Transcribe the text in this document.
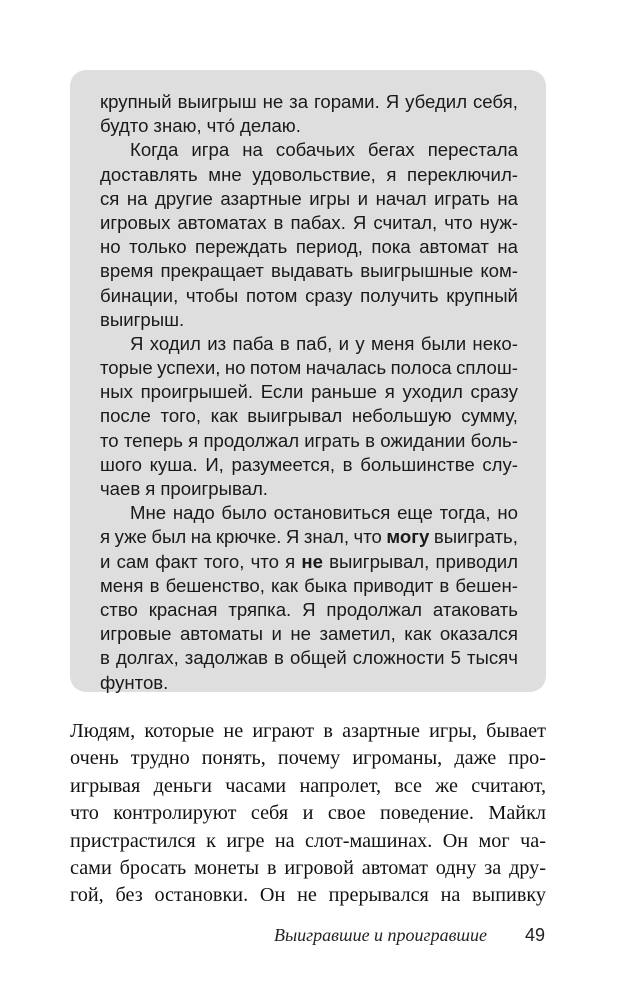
крупный выигрыш не за горами. Я убедил себя,
будто знаю, что́ делаю.
Когда игра на собачьих бегах перестала
доставлять мне удовольствие, я переключил-
ся на другие азартные игры и начал играть на
игровых автоматах в пабах. Я считал, что нуж-
но только переждать период, пока автомат на
время прекращает выдавать выигрышные ком-
бинации, чтобы потом сразу получить крупный
выигрыш.
Я ходил из паба в паб, и у меня были неко-
торые успехи, но потом началась полоса сплош-
ных проигрышей. Если раньше я уходил сразу
после того, как выигрывал небольшую сумму,
то теперь я продолжал играть в ожидании боль-
шого куша. И, разумеется, в большинстве слу-
чаев я проигрывал.
Мне надо было остановиться еще тогда, но
я уже был на крючке. Я знал, что могу выиграть,
и сам факт того, что я не выигрывал, приводил
меня в бешенство, как быка приводит в бешен-
ство красная тряпка. Я продолжал атаковать
игровые автоматы и не заметил, как оказался
в долгах, задолжав в общей сложности 5 тысяч
фунтов.
Людям, которые не играют в азартные игры, бывает
очень трудно понять, почему игроманы, даже про-
игрывая деньги часами напролет, все же считают,
что контролируют себя и свое поведение. Майкл
пристрастился к игре на слот-машинах. Он мог ча-
сами бросать монеты в игровой автомат одну за дру-
гой, без остановки. Он не прерывался на выпивку
Выигравшие и проигравшие 49
